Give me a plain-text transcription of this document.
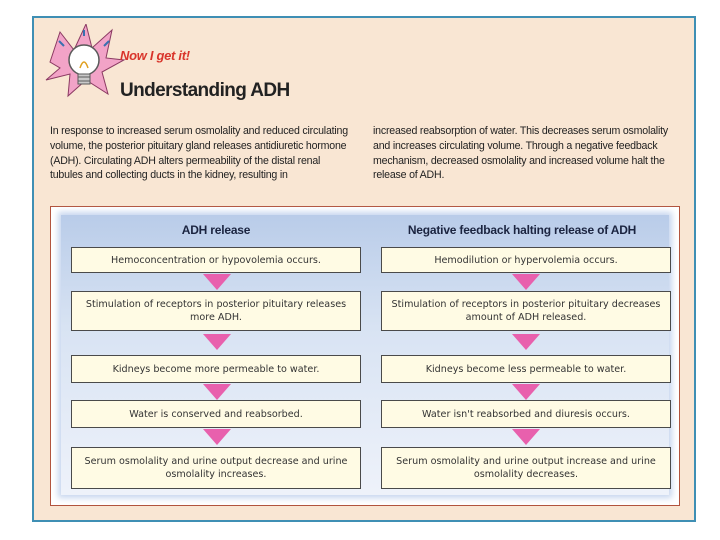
Now I get it!
Understanding ADH
In response to increased serum osmolality and reduced circulating volume, the posterior pituitary gland releases antidiuretic hormone (ADH). Circulating ADH alters permeability of the distal renal tubules and collecting ducts in the kidney, resulting in
increased reabsorption of water. This decreases serum osmolality and increases circulating volume. Through a negative feedback mechanism, decreased osmolality and increased volume halt the release of ADH.
ADH release	Negative feedback halting release of ADH
Hemoconcentration or hypovolemia occurs.
Stimulation of receptors in posterior pituitary releases more ADH.
Kidneys become more permeable to water.
Water is conserved and reabsorbed.
Serum osmolality and urine output decrease and urine osmolality increases.
Hemodilution or hypervolemia occurs.
Stimulation of receptors in posterior pituitary decreases amount of ADH released.
Kidneys become less permeable to water.
Water isn't reabsorbed and diuresis occurs.
Serum osmolality and urine output increase and urine osmolality decreases.
